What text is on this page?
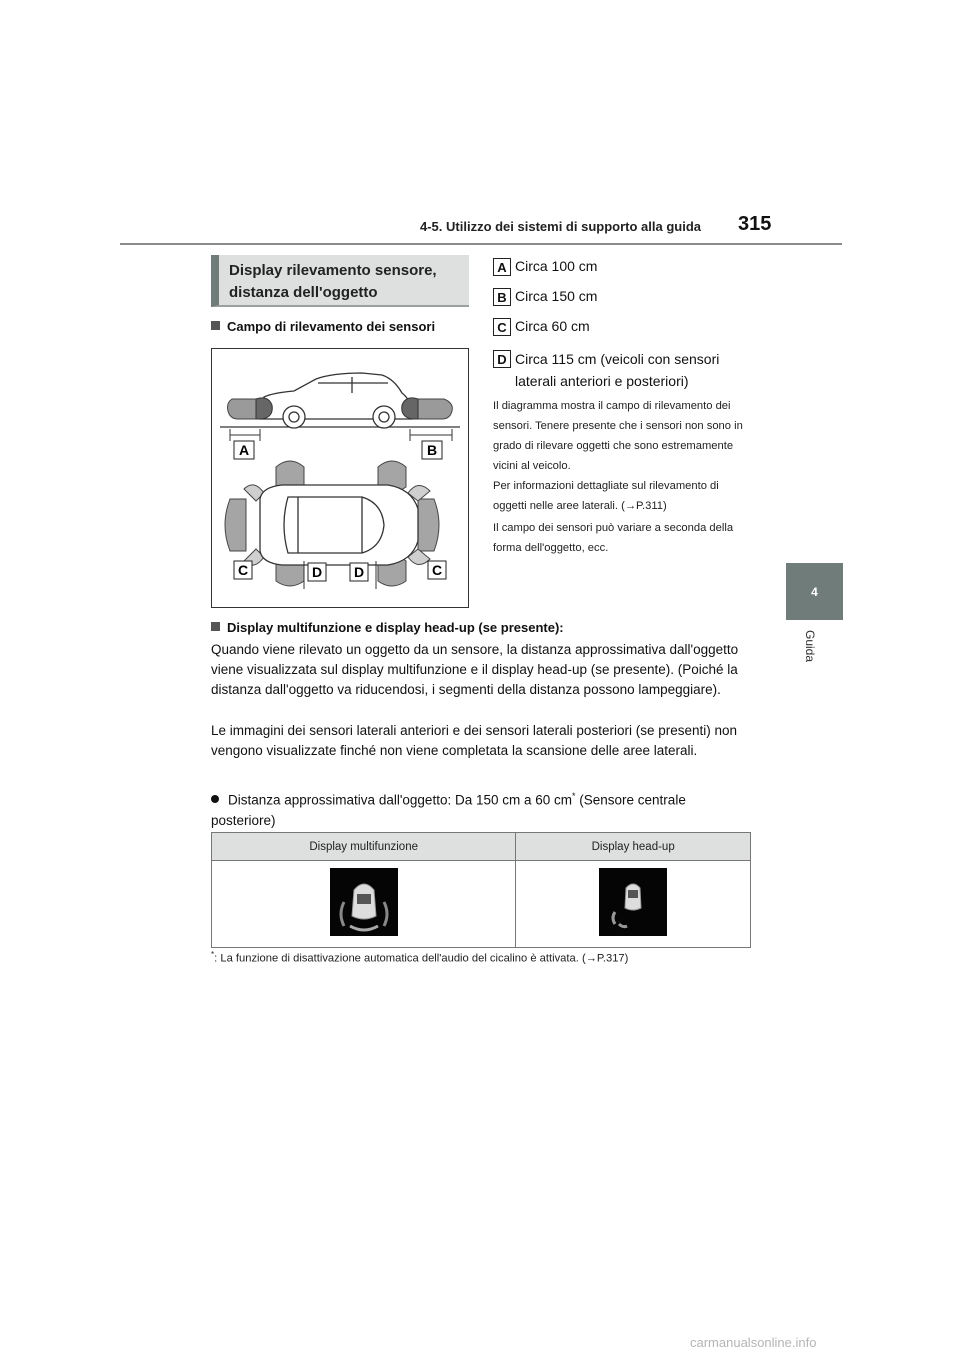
4-5. Utilizzo dei sistemi di supporto alla guida 315
4
Guida
Display rilevamento sensore, distanza dell'oggetto
Campo di rilevamento dei sensori
A	B
C	D D	C
A Circa 100 cm
B Circa 150 cm
C Circa 60 cm
D Circa 115 cm (veicoli con sensori laterali anteriori e posteriori)
Il diagramma mostra il campo di rilevamento dei sensori. Tenere presente che i sensori non sono in grado di rilevare oggetti che sono estremamente vicini al veicolo.
Per informazioni dettagliate sul rilevamento di oggetti nelle aree laterali. (→P.311)
Il campo dei sensori può variare a seconda della forma dell'oggetto, ecc.
Display multifunzione e display head-up (se presente):
Quando viene rilevato un oggetto da un sensore, la distanza approssimativa dall'oggetto viene visualizzata sul display multifunzione e il display head-up (se presente). (Poiché la distanza dall'oggetto va riducendosi, i segmenti della distanza possono lampeggiare).
Le immagini dei sensori laterali anteriori e dei sensori laterali posteriori (se presenti) non vengono visualizzate finché non viene completata la scansione delle aree laterali.
Distanza approssimativa dall'oggetto: Da 150 cm a 60 cm* (Sensore centrale posteriore)
Display multifunzione	Display head-up

*: La funzione di disattivazione automatica dell'audio del cicalino è attivata. (→P.317)
carmanualsonline.info
